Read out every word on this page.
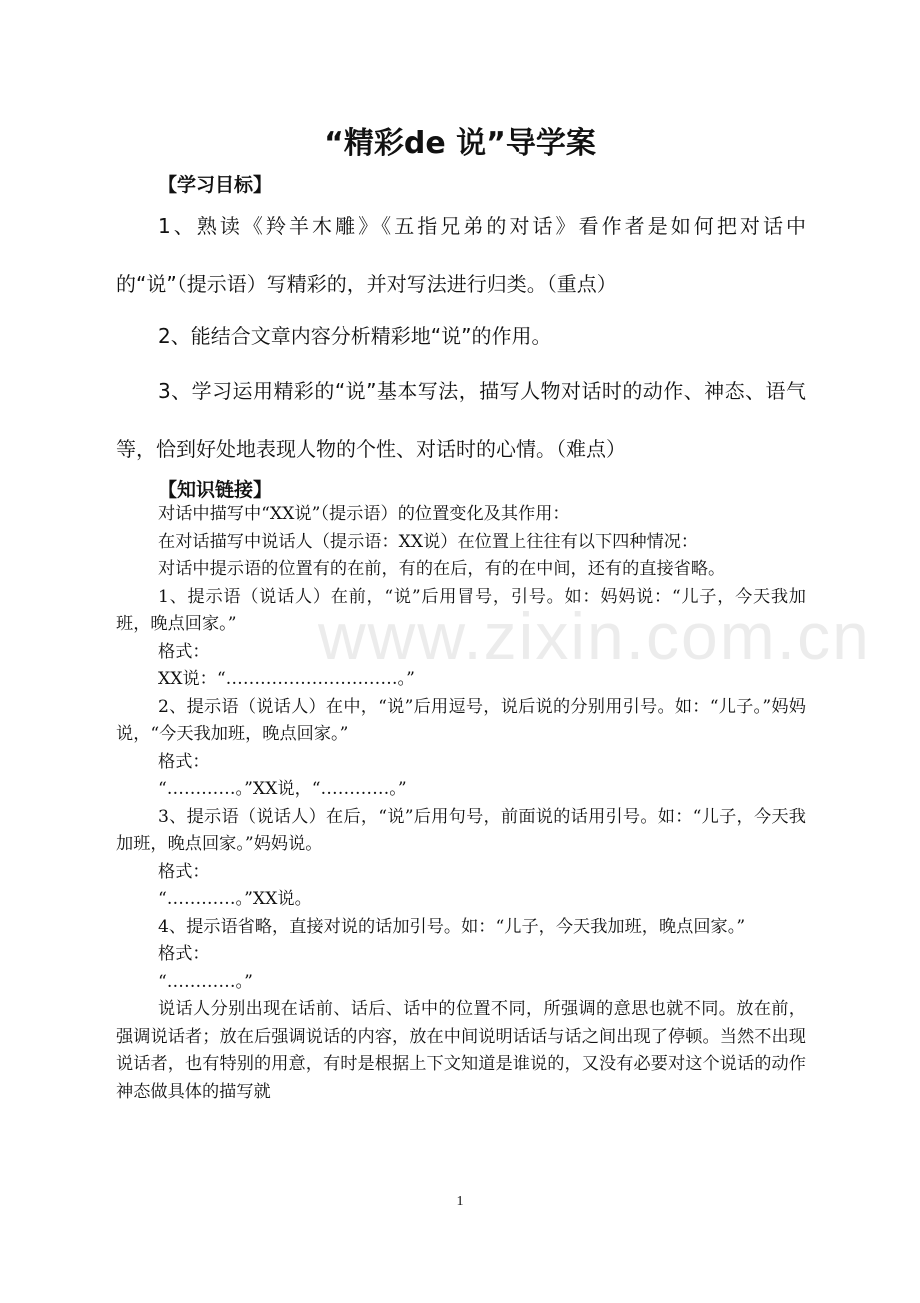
www.zixin.com.cn
“精彩de 说”导学案
【学习目标】

1、熟读《羚羊木雕》《五指兄弟的对话》看作者是如何把对话中的“说”（提示语）写精彩的，并对写法进行归类。（重点）

2、能结合文章内容分析精彩地“说”的作用。

3、学习运用精彩的“说”基本写法，描写人物对话时的动作、神态、语气等，恰到好处地表现人物的个性、对话时的心情。（难点）

【知识链接】

对话中描写中“XX说”（提示语）的位置变化及其作用：

在对话描写中说话人（提示语：XX说）在位置上往往有以下四种情况：

对话中提示语的位置有的在前，有的在后，有的在中间，还有的直接省略。

1、提示语（说话人）在前，“说”后用冒号，引号。如：妈妈说：“儿子，今天我加班，晚点回家。”

格式：

XX说：“…………………………。”

2、提示语（说话人）在中，“说”后用逗号，说后说的分别用引号。如：“儿子。”妈妈说，“今天我加班，晚点回家。”

格式：

“…………。”XX说，“…………。”

3、提示语（说话人）在后，“说”后用句号，前面说的话用引号。如：“儿子，今天我加班，晚点回家。”妈妈说。

格式：

“…………。”XX说。

4、提示语省略，直接对说的话加引号。如：“儿子，今天我加班，晚点回家。”

格式：

“…………。”

说话人分别出现在话前、话后、话中的位置不同，所强调的意思也就不同。放在前，强调说话者；放在后强调说话的内容，放在中间说明话话与话之间出现了停顿。当然不出现说话者，也有特别的用意，有时是根据上下文知道是谁说的，又没有必要对这个说话的动作神态做具体的描写就

1
